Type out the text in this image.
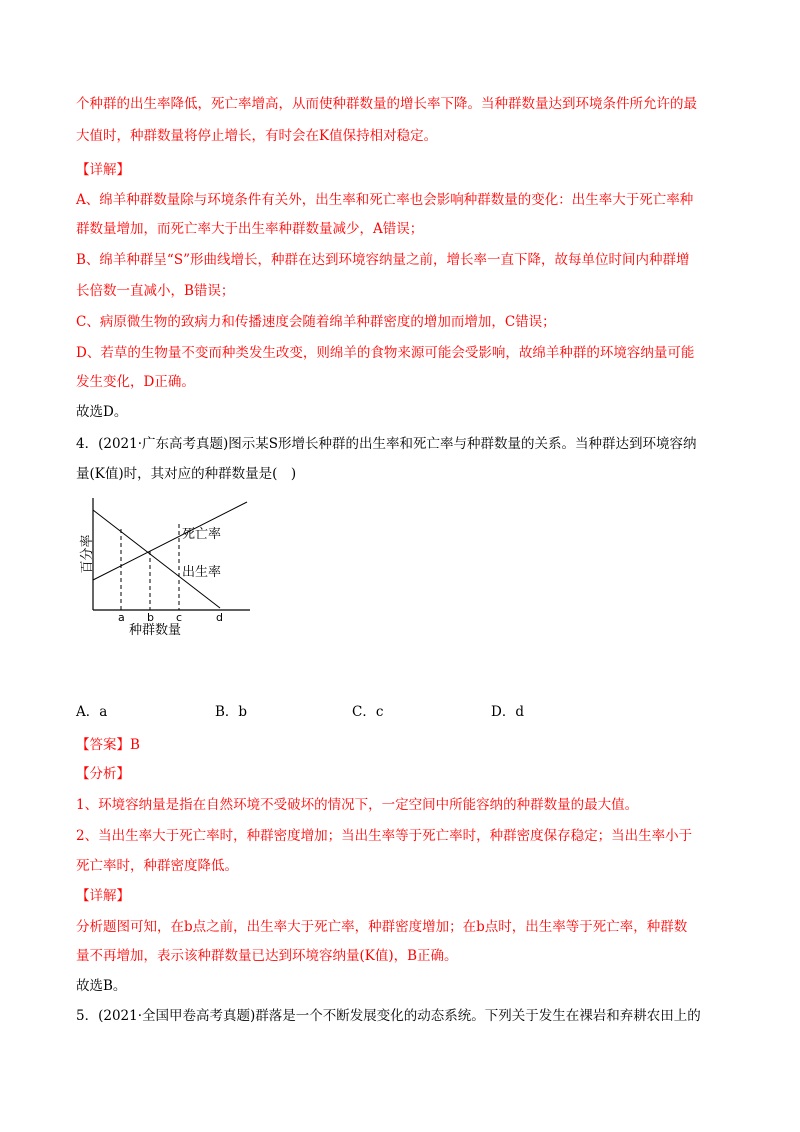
个种群的出生率降低，死亡率增高，从而使种群数量的增长率下降。当种群数量达到环境条件所允许的最
大值时，种群数量将停止增长，有时会在K值保持相对稳定。
【详解】
A、绵羊种群数量除与环境条件有关外，出生率和死亡率也会影响种群数量的变化：出生率大于死亡率种
群数量增加，而死亡率大于出生率种群数量减少，A错误；
B、绵羊种群呈“S”形曲线增长，种群在达到环境容纳量之前，增长率一直下降，故每单位时间内种群增
长倍数一直减小，B错误；
C、病原微生物的致病力和传播速度会随着绵羊种群密度的增加而增加，C错误；
D、若草的生物量不变而种类发生改变，则绵羊的食物来源可能会受影响，故绵羊种群的环境容纳量可能
发生变化，D正确。
故选D。
4．(2021·广东高考真题)图示某S形增长种群的出生率和死亡率与种群数量的关系。当种群达到环境容纳
量(K值)时，其对应的种群数量是(　)
百分率	死亡率
出生率
a b c	d
种群数量
A．a	B．b	C．c	D．d
【答案】B
【分析】
1、环境容纳量是指在自然环境不受破坏的情况下，一定空间中所能容纳的种群数量的最大值。
2、当出生率大于死亡率时，种群密度增加；当出生率等于死亡率时，种群密度保存稳定；当出生率小于
死亡率时，种群密度降低。
【详解】
分析题图可知，在b点之前，出生率大于死亡率，种群密度增加；在b点时，出生率等于死亡率，种群数
量不再增加，表示该种群数量已达到环境容纳量(K值)，B正确。
故选B。
5．(2021·全国甲卷高考真题)群落是一个不断发展变化的动态系统。下列关于发生在裸岩和弃耕农田上的
